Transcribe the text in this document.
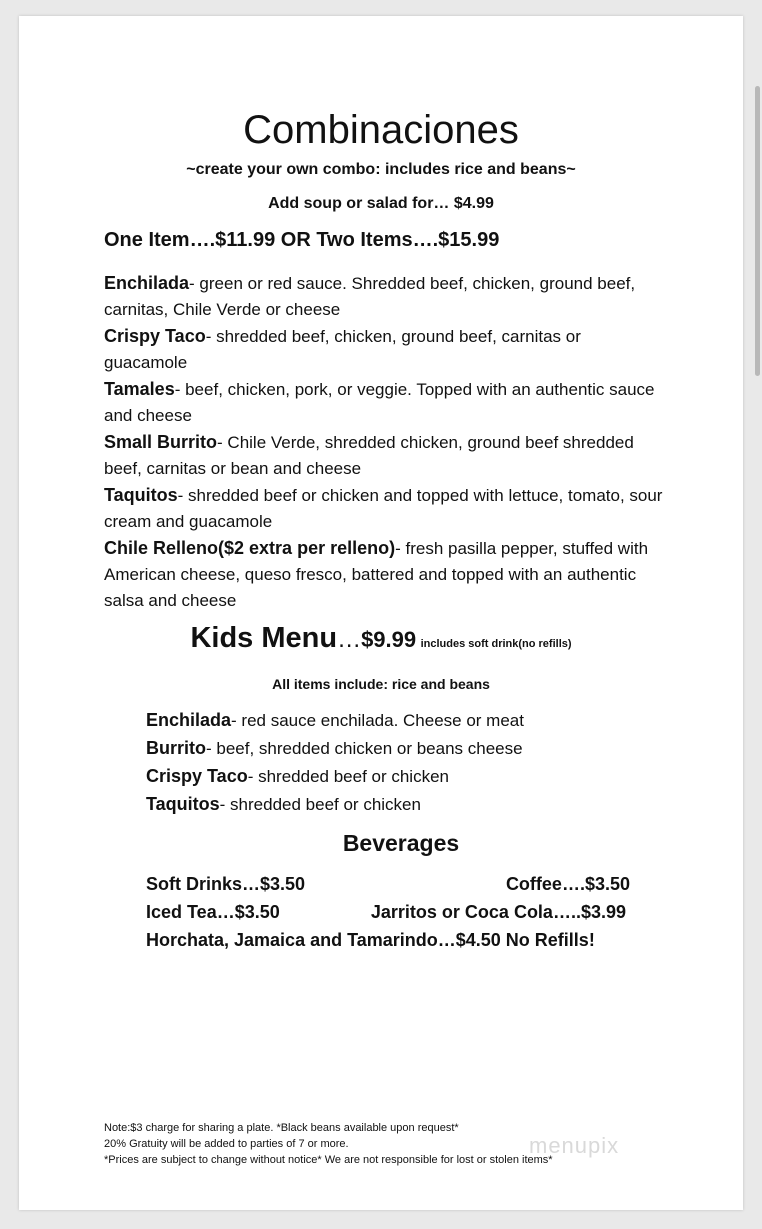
Combinaciones
~create your own combo: includes rice and beans~
Add soup or salad for… $4.99
One Item….$11.99 OR Two Items….$15.99
Enchilada- green or red sauce. Shredded beef, chicken, ground beef, carnitas, Chile Verde or cheese
Crispy Taco- shredded beef, chicken, ground beef, carnitas or guacamole
Tamales- beef, chicken, pork, or veggie. Topped with an authentic sauce and cheese
Small Burrito- Chile Verde, shredded chicken, ground beef shredded beef, carnitas or bean and cheese
Taquitos- shredded beef or chicken and topped with lettuce, tomato, sour cream and guacamole
Chile Relleno($2 extra per relleno)- fresh pasilla pepper, stuffed with American cheese, queso fresco, battered and topped with an authentic salsa and cheese
Kids Menu…$9.99 includes soft drink(no refills)
All items include: rice and beans
Enchilada- red sauce enchilada. Cheese or meat
Burrito- beef, shredded chicken or beans cheese
Crispy Taco- shredded beef or chicken
Taquitos- shredded beef or chicken
Beverages
Soft Drinks…$3.50	Coffee….$3.50
Iced Tea…$3.50	Jarritos or Coca Cola…..$3.99
Horchata, Jamaica and Tamarindo…$4.50 No Refills!
Note:$3 charge for sharing a plate. *Black beans available upon request*
20% Gratuity will be added to parties of 7 or more.
*Prices are subject to change without notice* We are not responsible for lost or stolen items*
menupix
